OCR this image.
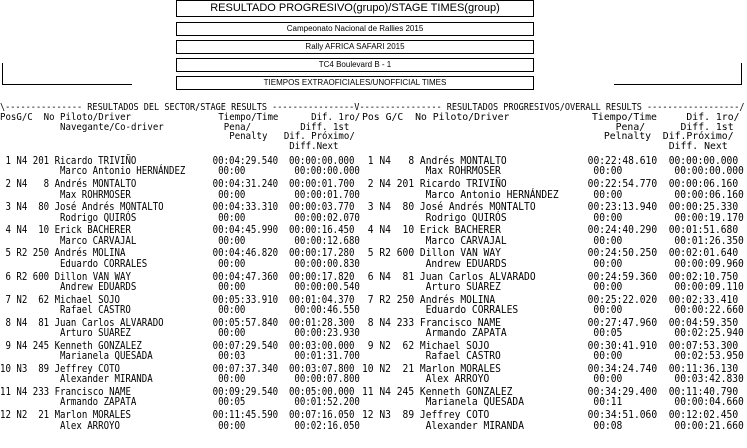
RESULTADO PROGRESIVO(grupo)/STAGE TIMES(group)
Campeonato Nacional de Rallies 2015
Rally AFRICA SAFARI 2015
TC4 Boulevard B - 1
TIEMPOS EXTRAOFICIALES/UNOFFICIAL TIMES
\--------------- RESULTADOS DEL SECTOR/STAGE RESULTS ----------------V---------------- RESULTADOS PROGRESIVOS/OVERALL RESULTS ------------------/
PosG/C  No Piloto/Driver                Tiempo/Time      Dif. 1ro/
Navegante/Co-driver           Pena/         Diff. 1st
Penalty   Dif. Próximo/
Diff.Next
Pos G/C  No Piloto/Driver              Tiempo/Time     Dif. 1ro/
Pena/      Diff. 1st
Pelnalty  Dif.Próximo/
Diff. Next
1 N4 201 Ricardo TRIVIÑO              00:04:29.540 00:00:00.000
Marco Antonio HERNÁNDEZ      00:00         00:00:00.000
2 N4   8 Andrés MONTALTO              00:04:31.240 00:00:01.700
Max ROHRMOSER                00:00         00:00:01.700
3 N4  80 José Andrés MONTALTO         00:04:33.310 00:00:03.770
Rodrigo QUIRÓS               00:00         00:00:02.070
4 N4  10 Erick BACHERER               00:04:45.990 00:00:16.450
Marco CARVAJAL               00:00         00:00:12.680
5 R2 250 Andrés MOLINA                00:04:46.820 00:00:17.280
Eduardo CORRALES             00:00         00:00:00.830
6 R2 600 Dillon VAN WAY               00:04:47.360 00:00:17.820
Andrew EDUARDS               00:00         00:00:00.540
7 N2  62 Michael SOJO                 00:05:33.910 00:01:04.370
Rafael CASTRO                00:00         00:00:46.550
8 N4  81 Juan Carlos ALVARADO         00:05:57.840 00:01:28.300
Arturo SUAREZ                00:00         00:00:23.930
9 N4 245 Kenneth GONZALEZ             00:07:29.540 00:03:00.000
Marianela QUESADA            00:03         00:01:31.700
10 N3  89 Jeffrey COTO                 00:07:37.340 00:03:07.800
Alexander MIRANDA            00:00         00:00:07.800
11 N4 233 Francisco NAME               00:09:29.540 00:05:00.000
Armando ZAPATA               00:05         00:01:52.200
12 N2  21 Marlon MORALES               00:11:45.590 00:07:16.050
Alex ARROYO                  00:00         00:02:16.050
1 N4   8 Andrés MONTALTO              00:22:48.610 00:00:00.000
Max ROHRMOSER                00:00         00:00:00.000
2 N4 201 Ricardo TRIVIÑO              00:22:54.770 00:00:06.160
Marco Antonio HERNÁNDEZ      00:00         00:00:06.160
3 N4  80 José Andrés MONTALTO         00:23:13.940 00:00:25.330
Rodrigo QUIRÓS               00:00         00:00:19.170
4 N4  10 Erick BACHERER               00:24:40.290 00:01:51.680
Marco CARVAJAL               00:00         00:01:26.350
5 R2 600 Dillon VAN WAY               00:24:50.250 00:02:01.640
Andrew EDUARDS               00:00         00:00:09.960
6 N4  81 Juan Carlos ALVARADO         00:24:59.360 00:02:10.750
Arturo SUAREZ                00:00         00:00:09.110
7 R2 250 Andrés MOLINA                00:25:22.020 00:02:33.410
Eduardo CORRALES             00:00         00:00:22.660
8 N4 233 Francisco NAME               00:27:47.960 00:04:59.350
Armando ZAPATA               00:05         00:02:25.940
9 N2  62 Michael SOJO                 00:30:41.910 00:07:53.300
Rafael CASTRO                00:00         00:02:53.950
10 N2  21 Marlon MORALES               00:34:24.740 00:11:36.130
Alex ARROYO                  00:00         00:03:42.830
11 N4 245 Kenneth GONZALEZ             00:34:29.400 00:11:40.790
Marianela QUESADA            00:11         00:00:04.660
12 N3  89 Jeffrey COTO                 00:34:51.060 00:12:02.450
Alexander MIRANDA            00:08         00:00:21.660
